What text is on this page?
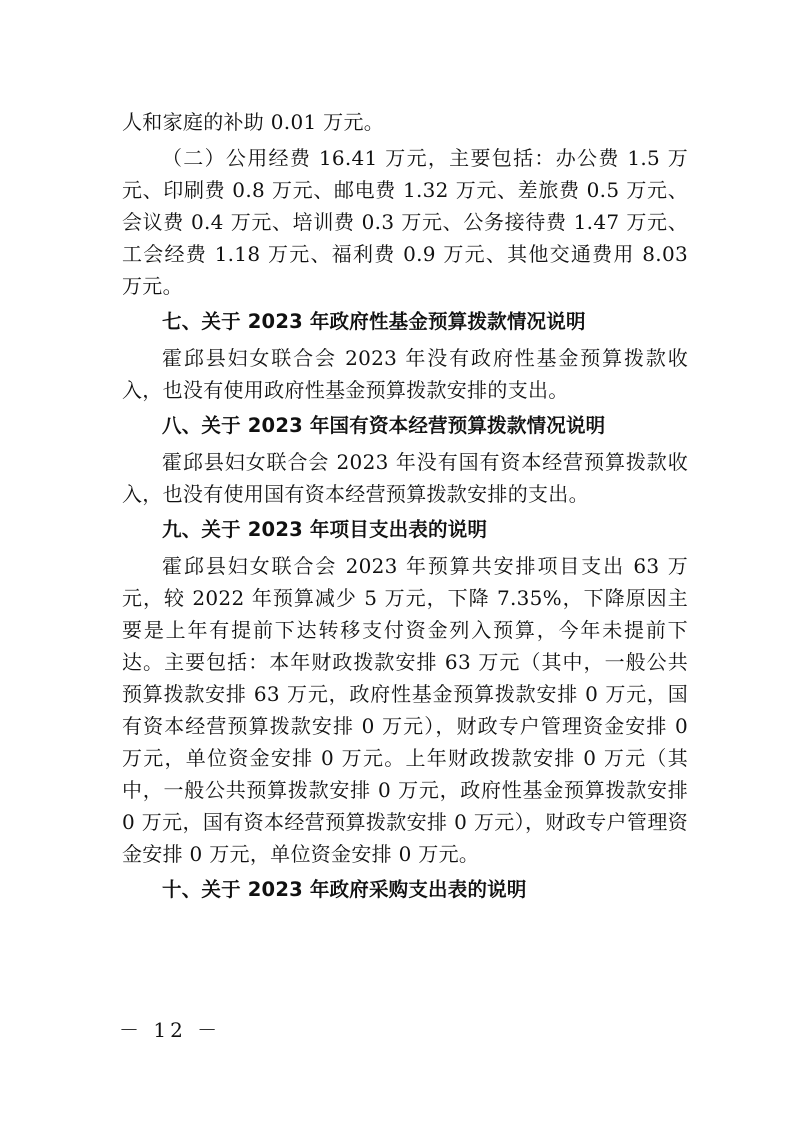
人和家庭的补助 0.01 万元。

（二）公用经费 16.41 万元，主要包括：办公费 1.5 万元、印刷费 0.8 万元、邮电费 1.32 万元、差旅费 0.5 万元、会议费 0.4 万元、培训费 0.3 万元、公务接待费 1.47 万元、工会经费 1.18 万元、福利费 0.9 万元、其他交通费用 8.03 万元。

七、关于 2023 年政府性基金预算拨款情况说明

霍邱县妇女联合会 2023 年没有政府性基金预算拨款收入，也没有使用政府性基金预算拨款安排的支出。

八、关于 2023 年国有资本经营预算拨款情况说明

霍邱县妇女联合会 2023 年没有国有资本经营预算拨款收入，也没有使用国有资本经营预算拨款安排的支出。

九、关于 2023 年项目支出表的说明

霍邱县妇女联合会 2023 年预算共安排项目支出 63 万元，较 2022 年预算减少 5 万元，下降 7.35%，下降原因主要是上年有提前下达转移支付资金列入预算，今年未提前下达。主要包括：本年财政拨款安排 63 万元（其中，一般公共预算拨款安排 63 万元，政府性基金预算拨款安排 0 万元，国有资本经营预算拨款安排 0 万元），财政专户管理资金安排 0 万元，单位资金安排 0 万元。上年财政拨款安排 0 万元（其中，一般公共预算拨款安排 0 万元，政府性基金预算拨款安排 0 万元，国有资本经营预算拨款安排 0 万元），财政专户管理资金安排 0 万元，单位资金安排 0 万元。

十、关于 2023 年政府采购支出表的说明

－ 12 －
